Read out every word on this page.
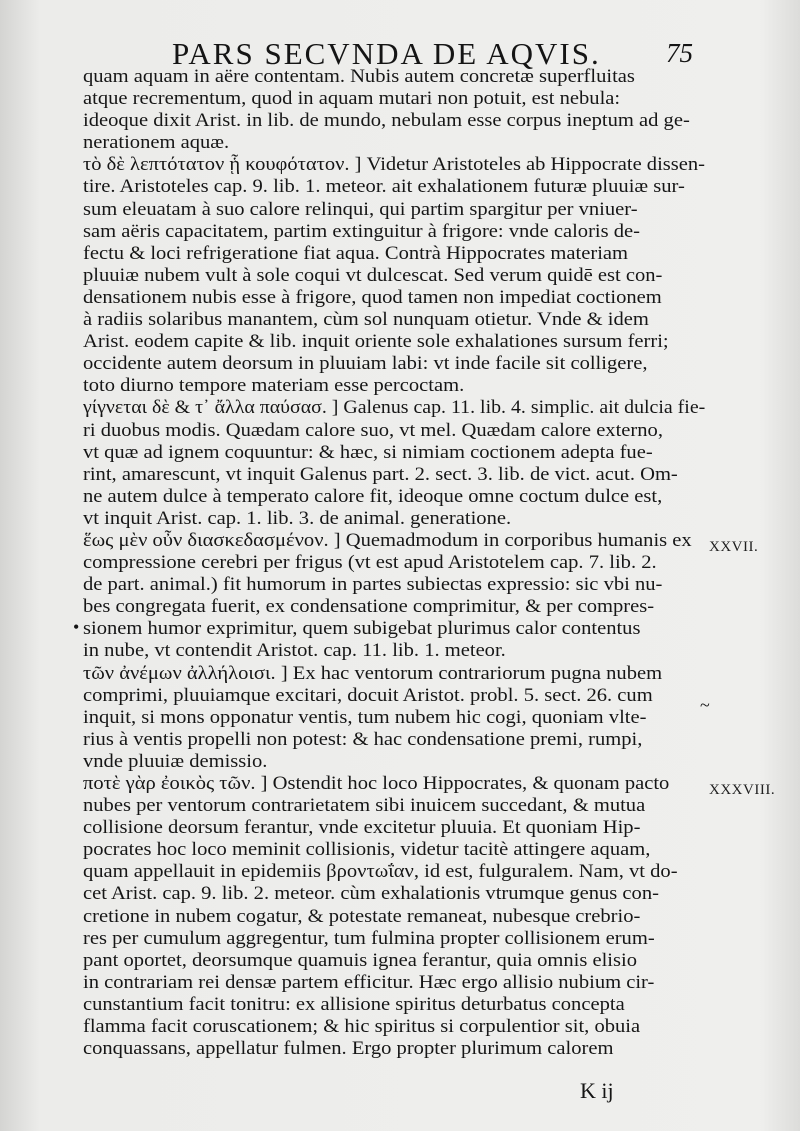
PARS SECVNDA DE AQVIS. 75
quam aquam in aëre contentam. Nubis autem concretæ superfluitas
atque recrementum, quod in aquam mutari non potuit, est nebula:
ideoque dixit Arist. in lib. de mundo, nebulam esse corpus ineptum ad ge-
nerationem aquæ.
τὸ δὲ λεπτότατον ᾗ κουφότατον. ] Videtur Aristoteles ab Hippocrate dissen-
tire. Aristoteles cap. 9. lib. 1. meteor. ait exhalationem futuræ pluuiæ sur-
sum eleuatam à suo calore relinqui, qui partim spargitur per vniuer-
sam aëris capacitatem, partim extinguitur à frigore: vnde caloris de-
fectu & loci refrigeratione fiat aqua. Contrà Hippocrates materiam
pluuiæ nubem vult à sole coqui vt dulcescat. Sed verum quidē est con-
densationem nubis esse à frigore, quod tamen non impediat coctionem
à radiis solaribus manantem, cùm sol nunquam otietur. Vnde & idem
Arist. eodem capite & lib. inquit oriente sole exhalationes sursum ferri;
occidente autem deorsum in pluuiam labi: vt inde facile sit colligere,
toto diurno tempore materiam esse percoctam.
γίγνεται δὲ & τ᾽ ἄλλα παύσασ. ] Galenus cap. 11. lib. 4. simplic. ait dulcia fie-
ri duobus modis. Quædam calore suo, vt mel. Quædam calore externo,
vt quæ ad ignem coquuntur: & hæc, si nimiam coctionem adepta fue-
rint, amarescunt, vt inquit Galenus part. 2. sect. 3. lib. de vict. acut. Om-
ne autem dulce à temperato calore fit, ideoque omne coctum dulce est,
vt inquit Arist. cap. 1. lib. 3. de animal. generatione.
ἕως μὲν οὖν διασκεδασμένον. ] Quemadmodum in corporibus humanis ex
compressione cerebri per frigus (vt est apud Aristotelem cap. 7. lib. 2.
de part. animal.) fit humorum in partes subiectas expressio: sic vbi nu-
bes congregata fuerit, ex condensatione comprimitur, & per compres-
sionem humor exprimitur, quem subigebat plurimus calor contentus
in nube, vt contendit Aristot. cap. 11. lib. 1. meteor.
τῶν ἀνέμων ἀλλήλοισι. ] Ex hac ventorum contrariorum pugna nubem
comprimi, pluuiamque excitari, docuit Aristot. probl. 5. sect. 26. cum
inquit, si mons opponatur ventis, tum nubem hic cogi, quoniam vlte-
rius à ventis propelli non potest: & hac condensatione premi, rumpi,
vnde pluuiæ demissio.
ποτὲ γὰρ ἐοικὸς τῶν. ] Ostendit hoc loco Hippocrates, & quonam pacto
nubes per ventorum contrarietatem sibi inuicem succedant, & mutua
collisione deorsum ferantur, vnde excitetur pluuia. Et quoniam Hip-
pocrates hoc loco meminit collisionis, videtur tacitè attingere aquam,
quam appellauit in epidemiis βροντωΐαν, id est, fulguralem. Nam, vt do-
cet Arist. cap. 9. lib. 2. meteor. cùm exhalationis vtrumque genus con-
cretione in nubem cogatur, & potestate remaneat, nubesque crebrio-
res per cumulum aggregentur, tum fulmina propter collisionem erum-
pant oportet, deorsumque quamuis ignea ferantur, quia omnis elisio
in contrariam rei densæ partem efficitur. Hæc ergo allisio nubium cir-
cunstantium facit tonitru: ex allisione spiritus deturbatus concepta
flamma facit coruscationem; & hic spiritus si corpulentior sit, obuia
conquassans, appellatur fulmen. Ergo propter plurimum calorem
XXVII.
XXXVIII.
•
~
K ij
